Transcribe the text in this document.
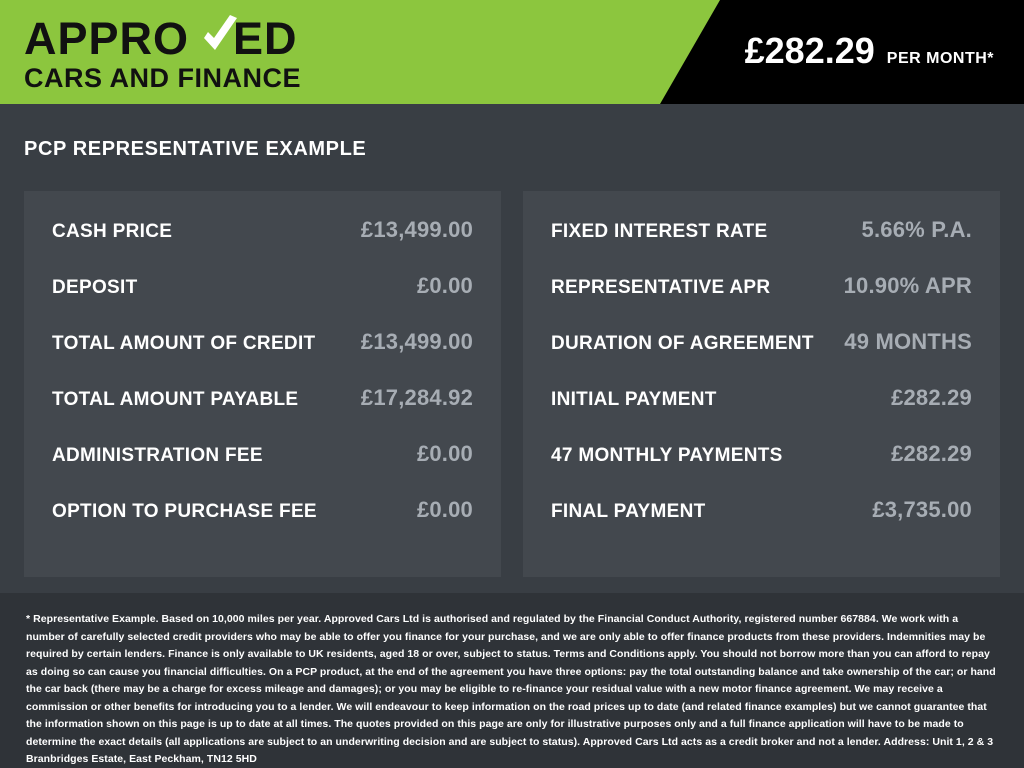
APPRO ED
CARS AND FINANCE
£282.29 PER MONTH*
PCP REPRESENTATIVE EXAMPLE
CASH PRICE	£13,499.00
DEPOSIT	£0.00
TOTAL AMOUNT OF CREDIT £13,499.00
TOTAL AMOUNT PAYABLE	£17,284.92
ADMINISTRATION FEE	£0.00
OPTION TO PURCHASE FEE	£0.00
FIXED INTEREST RATE	5.66% P.A.
REPRESENTATIVE APR	10.90% APR
DURATION OF AGREEMENT 49 MONTHS
INITIAL PAYMENT	£282.29
47 MONTHLY PAYMENTS	£282.29
FINAL PAYMENT	£3,735.00

* Representative Example. Based on 10,000 miles per year. Approved Cars Ltd is authorised and regulated by the Financial Conduct Authority, registered number 667884. We work with a number of carefully selected credit providers who may be able to offer you finance for your purchase, and we are only able to offer finance products from these providers. Indemnities may be required by certain lenders. Finance is only available to UK residents, aged 18 or over, subject to status. Terms and Conditions apply. You should not borrow more than you can afford to repay as doing so can cause you financial difficulties. On a PCP product, at the end of the agreement you have three options: pay the total outstanding balance and take ownership of the car; or hand the car back (there may be a charge for excess mileage and damages); or you may be eligible to re-finance your residual value with a new motor finance agreement. We may receive a commission or other benefits for introducing you to a lender. We will endeavour to keep information on the road prices up to date (and related finance examples) but we cannot guarantee that the information shown on this page is up to date at all times. The quotes provided on this page are only for illustrative purposes only and a full finance application will have to be made to determine the exact details (all applications are subject to an underwriting decision and are subject to status). Approved Cars Ltd acts as a credit broker and not a lender. Address: Unit 1, 2 & 3 Branbridges Estate, East Peckham, TN12 5HD
